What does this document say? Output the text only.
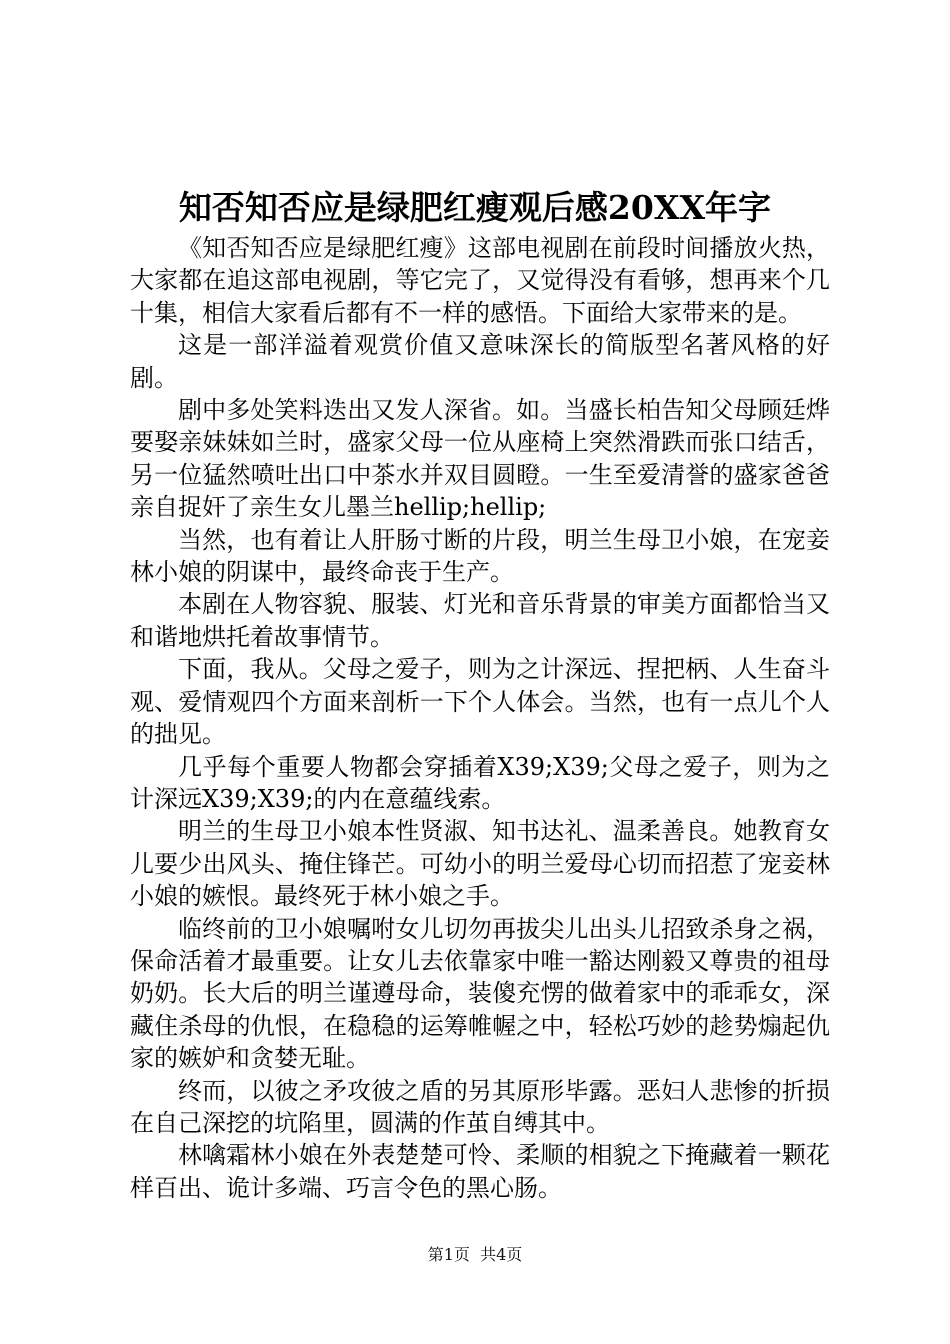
知否知否应是绿肥红瘦观后感20XX年字

《知否知否应是绿肥红瘦》这部电视剧在前段时间播放火热，大家都在追这部电视剧，等它完了，又觉得没有看够，想再来个几十集，相信大家看后都有不一样的感悟。下面给大家带来的是。

这是一部洋溢着观赏价值又意味深长的简版型名著风格的好剧。

剧中多处笑料迭出又发人深省。如。当盛长柏告知父母顾廷烨要娶亲妹妹如兰时，盛家父母一位从座椅上突然滑跌而张口结舌，另一位猛然喷吐出口中茶水并双目圆瞪。一生至爱清誉的盛家爸爸亲自捉奸了亲生女儿墨兰hellip;hellip;

当然，也有着让人肝肠寸断的片段，明兰生母卫小娘，在宠妾林小娘的阴谋中，最终命丧于生产。

本剧在人物容貌、服装、灯光和音乐背景的审美方面都恰当又和谐地烘托着故事情节。

下面，我从。父母之爱子，则为之计深远、捏把柄、人生奋斗观、爱情观四个方面来剖析一下个人体会。当然，也有一点儿个人的拙见。

几乎每个重要人物都会穿插着X39;X39;父母之爱子，则为之计深远X39;X39;的内在意蕴线索。

明兰的生母卫小娘本性贤淑、知书达礼、温柔善良。她教育女儿要少出风头、掩住锋芒。可幼小的明兰爱母心切而招惹了宠妾林小娘的嫉恨。最终死于林小娘之手。

临终前的卫小娘嘱咐女儿切勿再拔尖儿出头儿招致杀身之祸，保命活着才最重要。让女儿去依靠家中唯一豁达刚毅又尊贵的祖母奶奶。长大后的明兰谨遵母命，装傻充愣的做着家中的乖乖女，深藏住杀母的仇恨，在稳稳的运筹帷幄之中，轻松巧妙的趁势煽起仇家的嫉妒和贪婪无耻。

终而，以彼之矛攻彼之盾的另其原形毕露。恶妇人悲惨的折损在自己深挖的坑陷里，圆满的作茧自缚其中。

林噙霜林小娘在外表楚楚可怜、柔顺的相貌之下掩藏着一颗花样百出、诡计多端、巧言令色的黑心肠。

第1页  共4页
